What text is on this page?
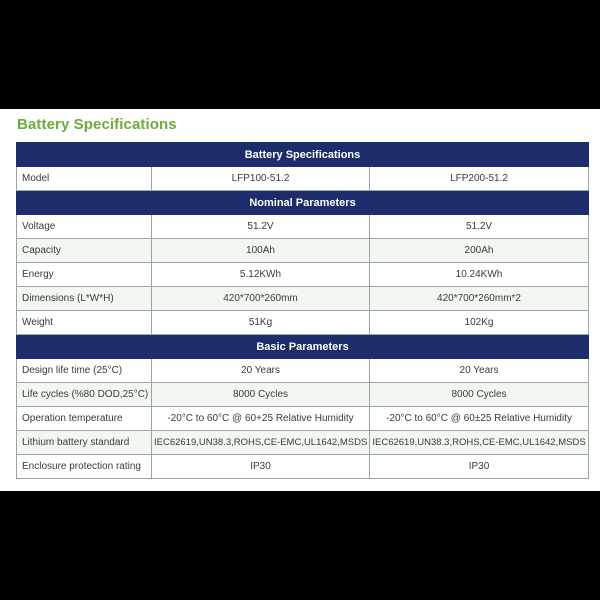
Battery Specifications
Battery Specifications		
Model	LFP100-51.2	LFP200-51.2
Nominal Parameters		
Voltage	51.2V	51.2V
Capacity	100Ah	200Ah
Energy	5.12KWh	10.24KWh
Dimensions (L*W*H)	420*700*260mm	420*700*260mm*2
Weight	51Kg	102Kg
Basic Parameters		
Design life time (25°C)	20 Years	20 Years
Life cycles (%80 DOD,25°C)	8000 Cycles	8000 Cycles
Operation temperature	-20°C to 60°C @ 60+25 Relative Humidity	-20°C to 60°C @ 60±25 Relative Humidity
Lithium battery standard	IEC62619,UN38.3,ROHS,CE-EMC,UL1642,MSDS	IEC62619,UN38.3,ROHS,CE-EMC,UL1642,MSDS
Enclosure protection rating	IP30	IP30
